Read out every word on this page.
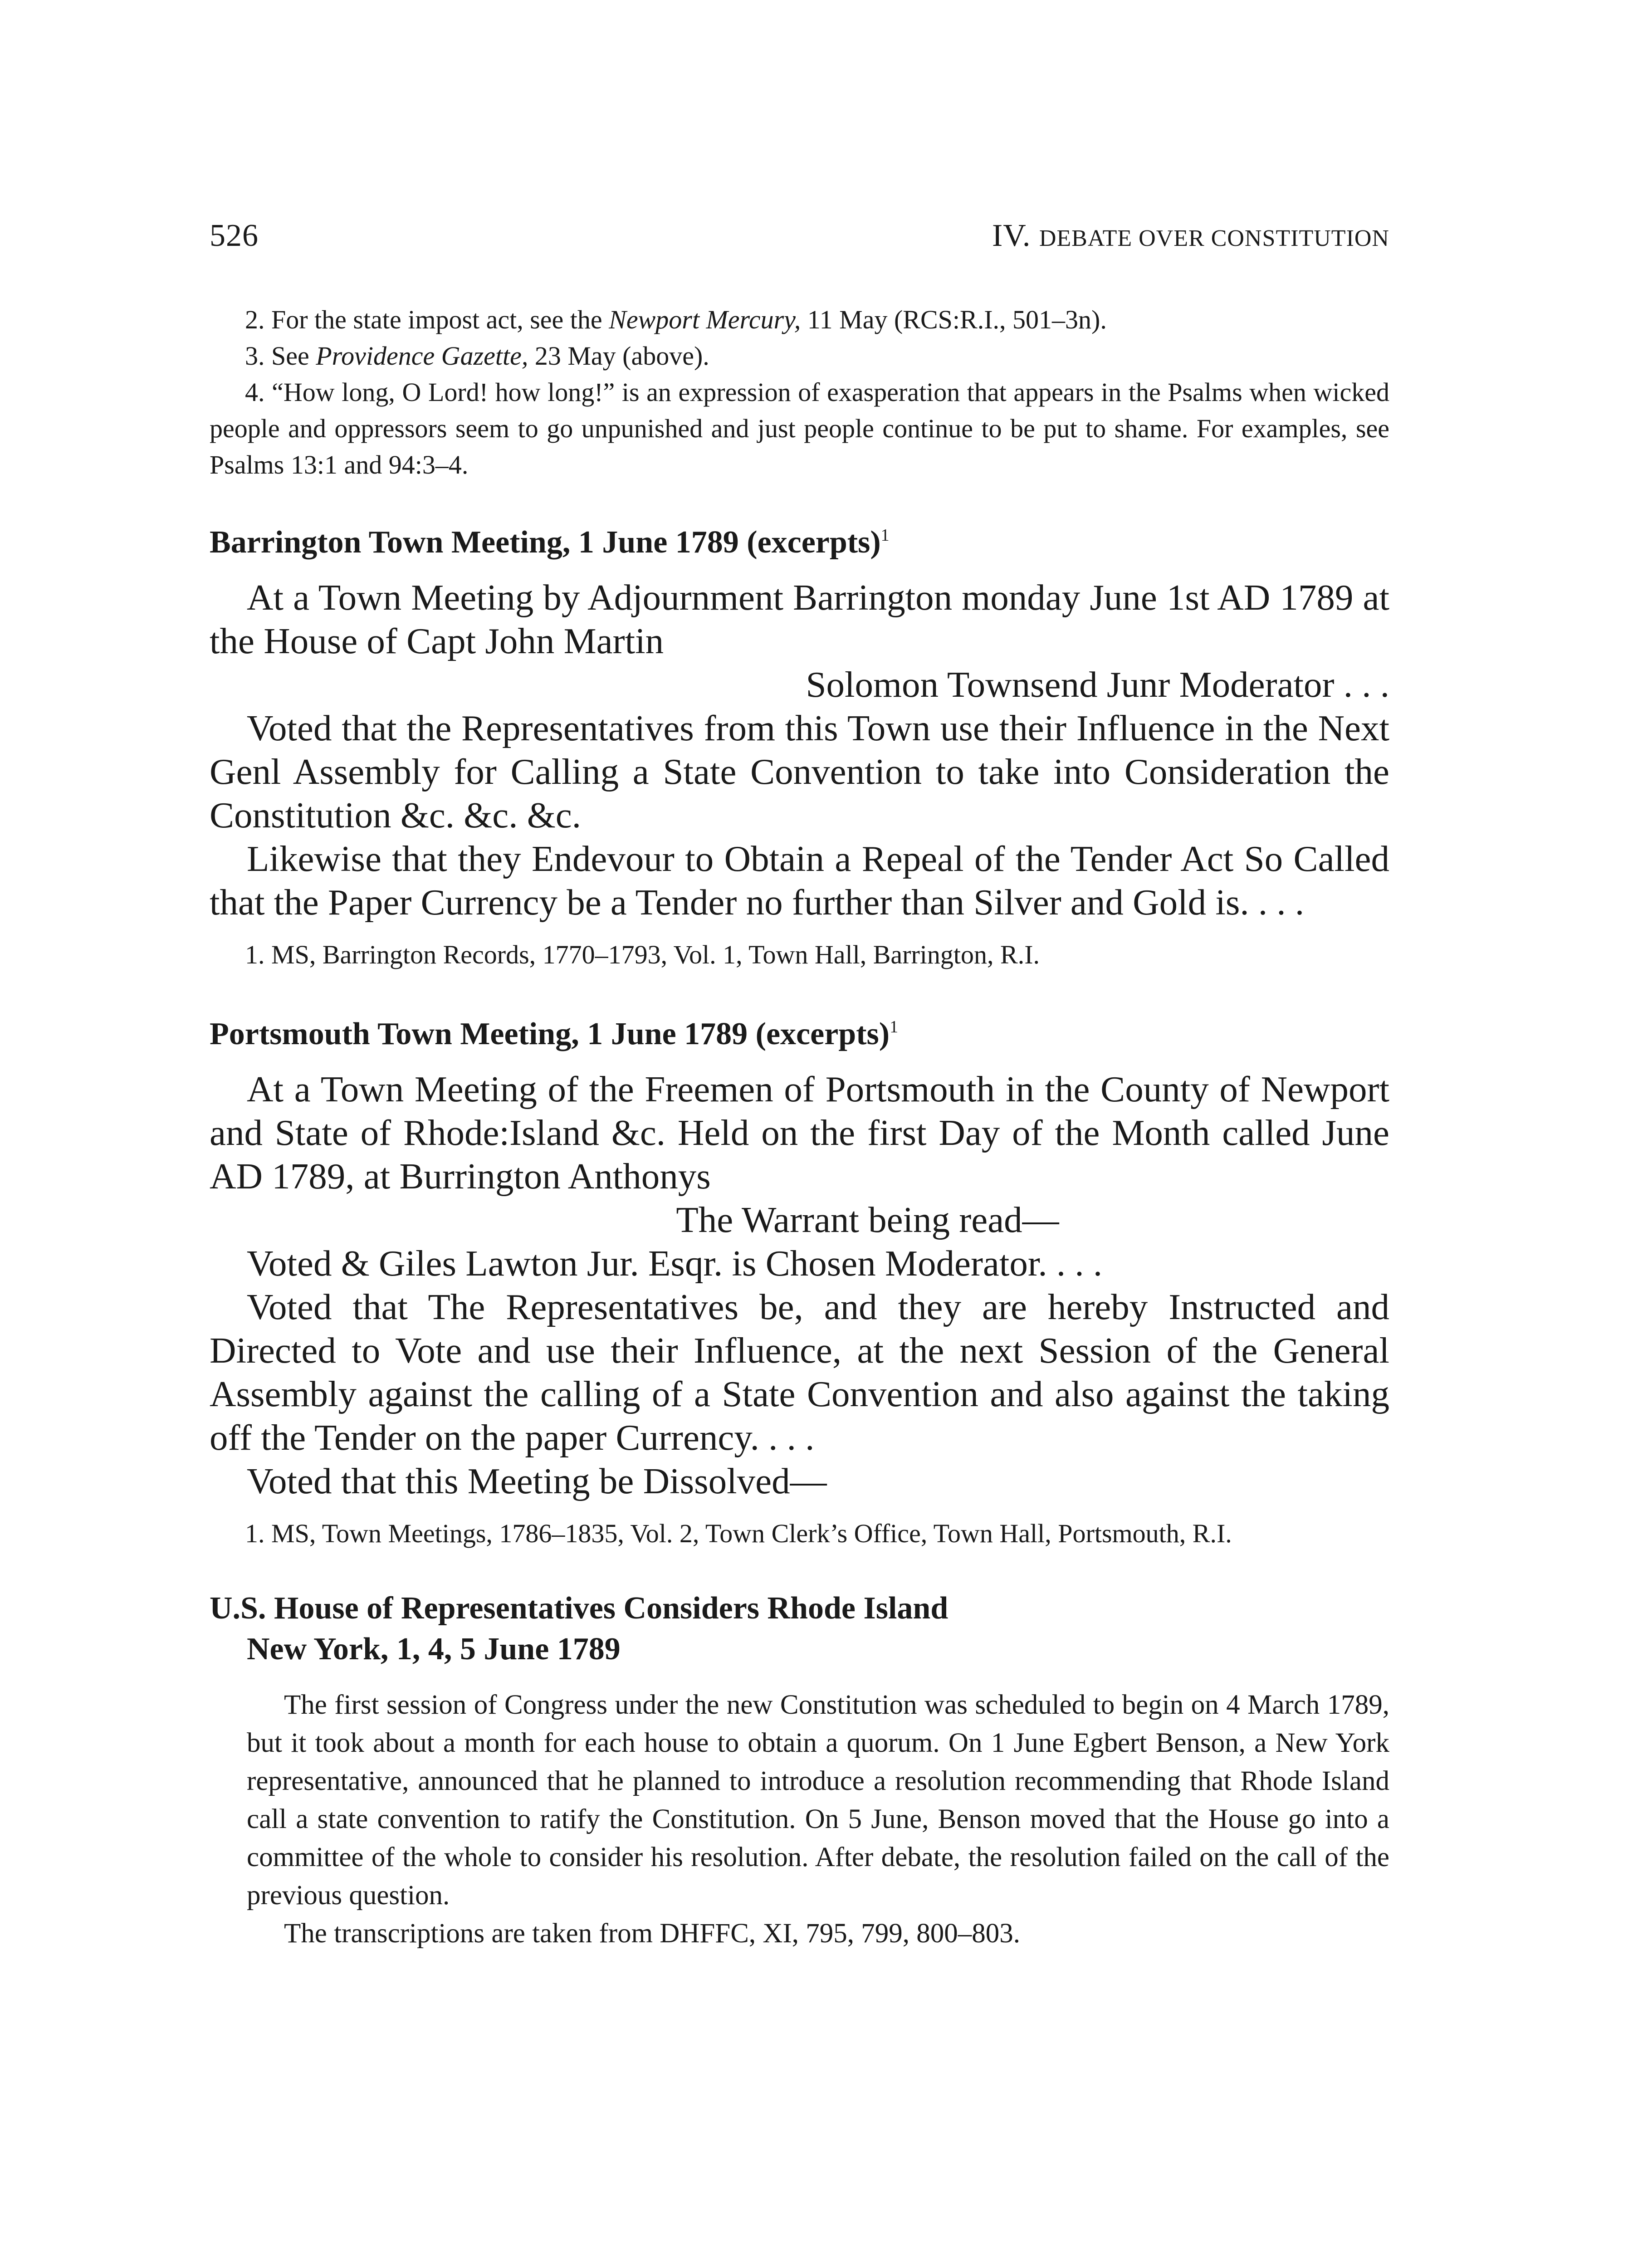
526	IV. DEBATE OVER CONSTITUTION

2. For the state impost act, see the Newport Mercury, 11 May (RCS:R.I., 501–3n).

3. See Providence Gazette, 23 May (above).

4. “How long, O Lord! how long!” is an expression of exasperation that appears in the Psalms when wicked people and oppressors seem to go unpunished and just people continue to be put to shame. For examples, see Psalms 13:1 and 94:3–4.

Barrington Town Meeting, 1 June 1789 (excerpts)$^1$

At a Town Meeting by Adjournment Barrington monday June 1st AD 1789 at the House of Capt John Martin

Solomon Townsend Junr Moderator . . .

Voted that the Representatives from this Town use their Influence in the Next Genl Assembly for Calling a State Convention to take into Consideration the Constitution &c. &c. &c.

Likewise that they Endevour to Obtain a Repeal of the Tender Act So Called that the Paper Currency be a Tender no further than Silver and Gold is. . . .

1. MS, Barrington Records, 1770–1793, Vol. 1, Town Hall, Barrington, R.I.

Portsmouth Town Meeting, 1 June 1789 (excerpts)$^1$

At a Town Meeting of the Freemen of Portsmouth in the County of Newport and State of Rhode:Island &c. Held on the first Day of the Month called June AD 1789, at Burrington Anthonys

The Warrant being read—

Voted & Giles Lawton Jur. Esqr. is Chosen Moderator. . . .

Voted that The Representatives be, and they are hereby Instructed and Directed to Vote and use their Influence, at the next Session of the General Assembly against the calling of a State Convention and also against the taking off the Tender on the paper Currency. . . .

Voted that this Meeting be Dissolved—

1. MS, Town Meetings, 1786–1835, Vol. 2, Town Clerk’s Office, Town Hall, Portsmouth, R.I.

U.S. House of Representatives Considers Rhode Island
New York, 1, 4, 5 June 1789

The first session of Congress under the new Constitution was scheduled to begin on 4 March 1789, but it took about a month for each house to obtain a quorum. On 1 June Egbert Benson, a New York representative, announced that he planned to introduce a resolution recommending that Rhode Island call a state convention to ratify the Constitution. On 5 June, Benson moved that the House go into a committee of the whole to consider his resolution. After debate, the resolution failed on the call of the previous question.

The transcriptions are taken from DHFFC, XI, 795, 799, 800–803.
